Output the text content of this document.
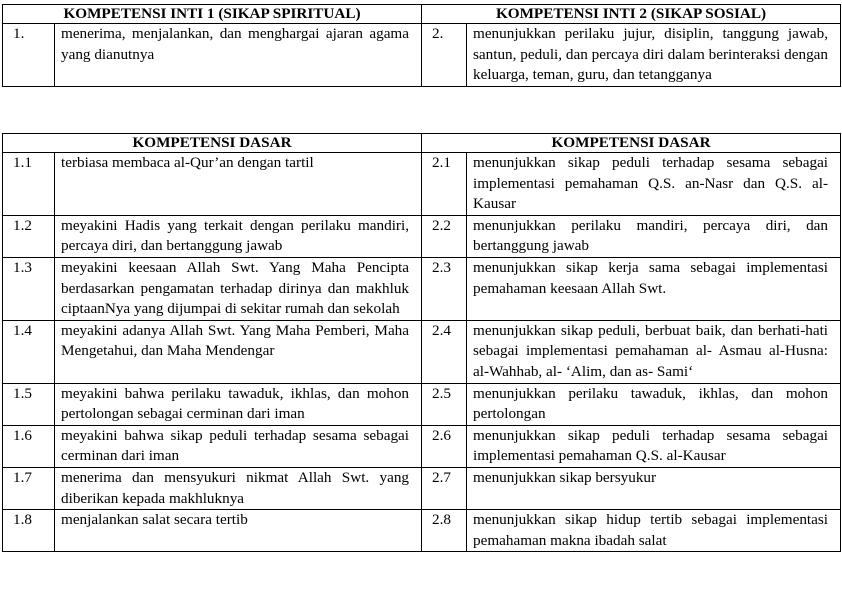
KOMPETENSI INTI 1 (SIKAP SPIRITUAL)		KOMPETENSI INTI 2 (SIKAP SOSIAL)	
1.	menerima, menjalankan, dan menghargai ajaran agama yang dianutnya	2.	menunjukkan perilaku jujur, disiplin, tanggung jawab, santun, peduli, dan percaya diri dalam berinteraksi dengan keluarga, teman, guru, dan tetangganya
KOMPETENSI DASAR		KOMPETENSI DASAR	
1.1	terbiasa membaca al-Qur’an dengan tartil	2.1	menunjukkan sikap peduli terhadap sesama sebagai implementasi pemahaman Q.S. an-Nasr dan Q.S. al-Kausar
1.2	meyakini Hadis yang terkait dengan perilaku mandiri, percaya diri, dan bertanggung jawab	2.2	menunjukkan perilaku mandiri, percaya diri, dan bertanggung jawab
1.3	meyakini keesaan Allah Swt. Yang Maha Pencipta berdasarkan pengamatan terhadap dirinya dan makhluk ciptaanNya yang dijumpai di sekitar rumah dan sekolah	2.3	menunjukkan sikap kerja sama sebagai implementasi pemahaman keesaan Allah Swt.
1.4	meyakini adanya Allah Swt. Yang Maha Pemberi, Maha Mengetahui, dan Maha Mendengar	2.4	menunjukkan sikap peduli, berbuat baik, dan berhati-hati sebagai implementasi pemahaman al- Asmau al-Husna: al-Wahhab, al- ‘Alim, dan as- Sami‘
1.5	meyakini bahwa perilaku tawaduk, ikhlas, dan mohon pertolongan sebagai cerminan dari iman	2.5	menunjukkan perilaku tawaduk, ikhlas, dan mohon pertolongan
1.6	meyakini bahwa sikap peduli terhadap sesama sebagai cerminan dari iman	2.6	menunjukkan sikap peduli terhadap sesama sebagai implementasi pemahaman Q.S. al-Kausar
1.7	menerima dan mensyukuri nikmat Allah Swt. yang diberikan kepada makhluknya	2.7	menunjukkan sikap bersyukur
1.8	menjalankan salat secara tertib	2.8	menunjukkan sikap hidup tertib sebagai implementasi pemahaman makna ibadah salat
